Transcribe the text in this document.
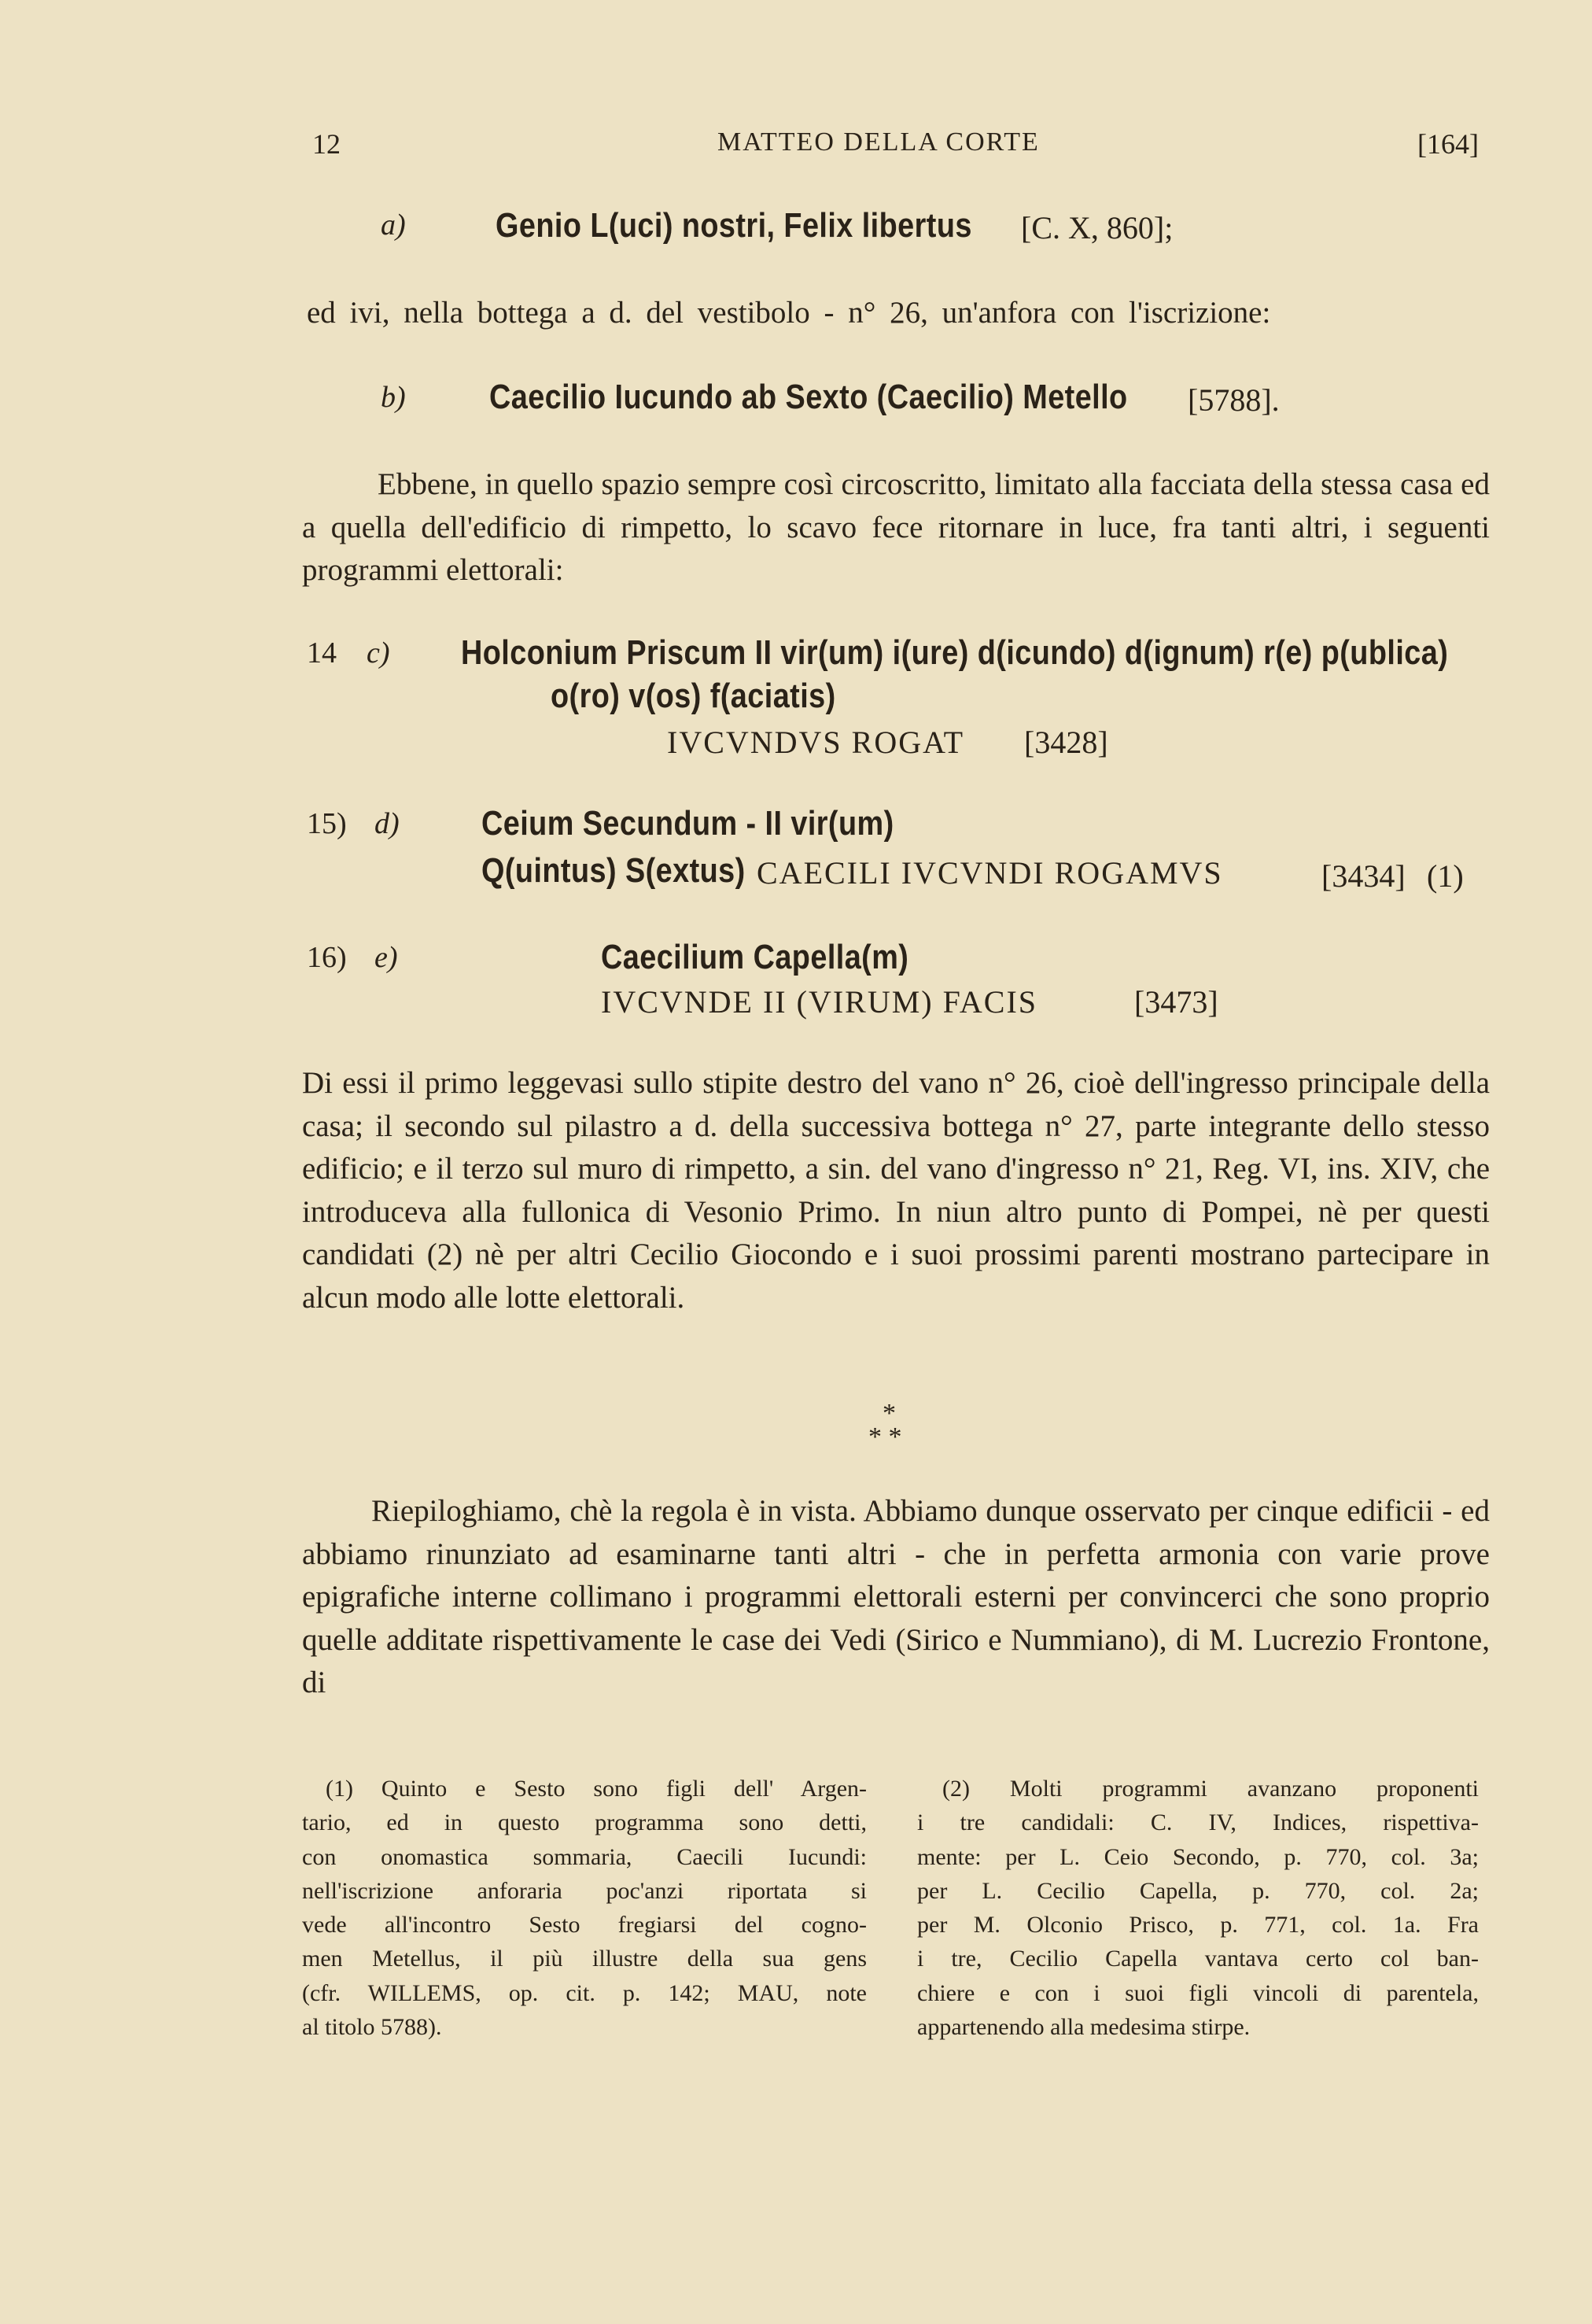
12	MATTEO DELLA CORTE	[164]
a)	Genio L(uci) nostri, Felix libertus [C. X, 860];
ed ivi, nella bottega a d. del vestibolo - n° 26, un'anfora con l'iscrizione:
b) Caecilio Iucundo ab Sexto (Caecilio) Metello [5788].
Ebbene, in quello spazio sempre così circoscritto, limitato alla facciata della stessa casa ed a quella dell'edificio di rimpetto, lo scavo fece ritornare in luce, fra tanti altri, i seguenti programmi elettorali:
14 c) Holconium Priscum II vir(um) i(ure) d(icundo) d(ignum) r(e) p(ublica)
o(ro) v(os) f(aciatis)
IVCVNDVS ROGAT [3428]
15) d) Ceium Secundum - II vir(um)
Q(uintus) S(extus) CAECILI IVCVNDI ROGAMVS	[3434] (1)
16) e)	Caecilium Capella(m)
IVCVNDE II (VIRUM) FACIS	[3473]
Di essi il primo leggevasi sullo stipite destro del vano n° 26, cioè dell'ingresso principale della casa; il secondo sul pilastro a d. della successiva bottega n° 27, parte integrante dello stesso edificio; e il terzo sul muro di rimpetto, a sin. del vano d'ingresso n° 21, Reg. VI, ins. XIV, che introduceva alla fullonica di Vesonio Primo. In niun altro punto di Pompei, nè per questi candidati (2) nè per altri Cecilio Giocondo e i suoi prossimi parenti mostrano partecipare in alcun modo alle lotte elettorali.
*
* *
Riepiloghiamo, chè la regola è in vista. Abbiamo dunque osservato per cinque edificii - ed abbiamo rinunziato ad esaminarne tanti altri - che in perfetta armonia con varie prove epigrafiche interne collimano i programmi elettorali esterni per convincerci che sono proprio quelle additate rispettivamente le case dei Vedi (Sirico e Nummiano), di M. Lucrezio Frontone, di
(1) Quinto e Sesto sono figli dell' Argen-
tario, ed in questo programma sono detti,
con onomastica sommaria, Caecili Iucundi:
nell'iscrizione anforaria poc'anzi riportata si
vede all'incontro Sesto fregiarsi del cogno-
men Metellus, il più illustre della sua gens
(cfr. WILLEMS, op. cit. p. 142; MAU, note
al titolo 5788).
(2) Molti programmi avanzano proponenti
i tre candidali: C. IV, Indices, rispettiva-
mente: per L. Ceio Secondo, p. 770, col. 3a;
per L. Cecilio Capella, p. 770, col. 2a;
per M. Olconio Prisco, p. 771, col. 1a. Fra
i tre, Cecilio Capella vantava certo col ban-
chiere e con i suoi figli vincoli di parentela,
appartenendo alla medesima stirpe.
